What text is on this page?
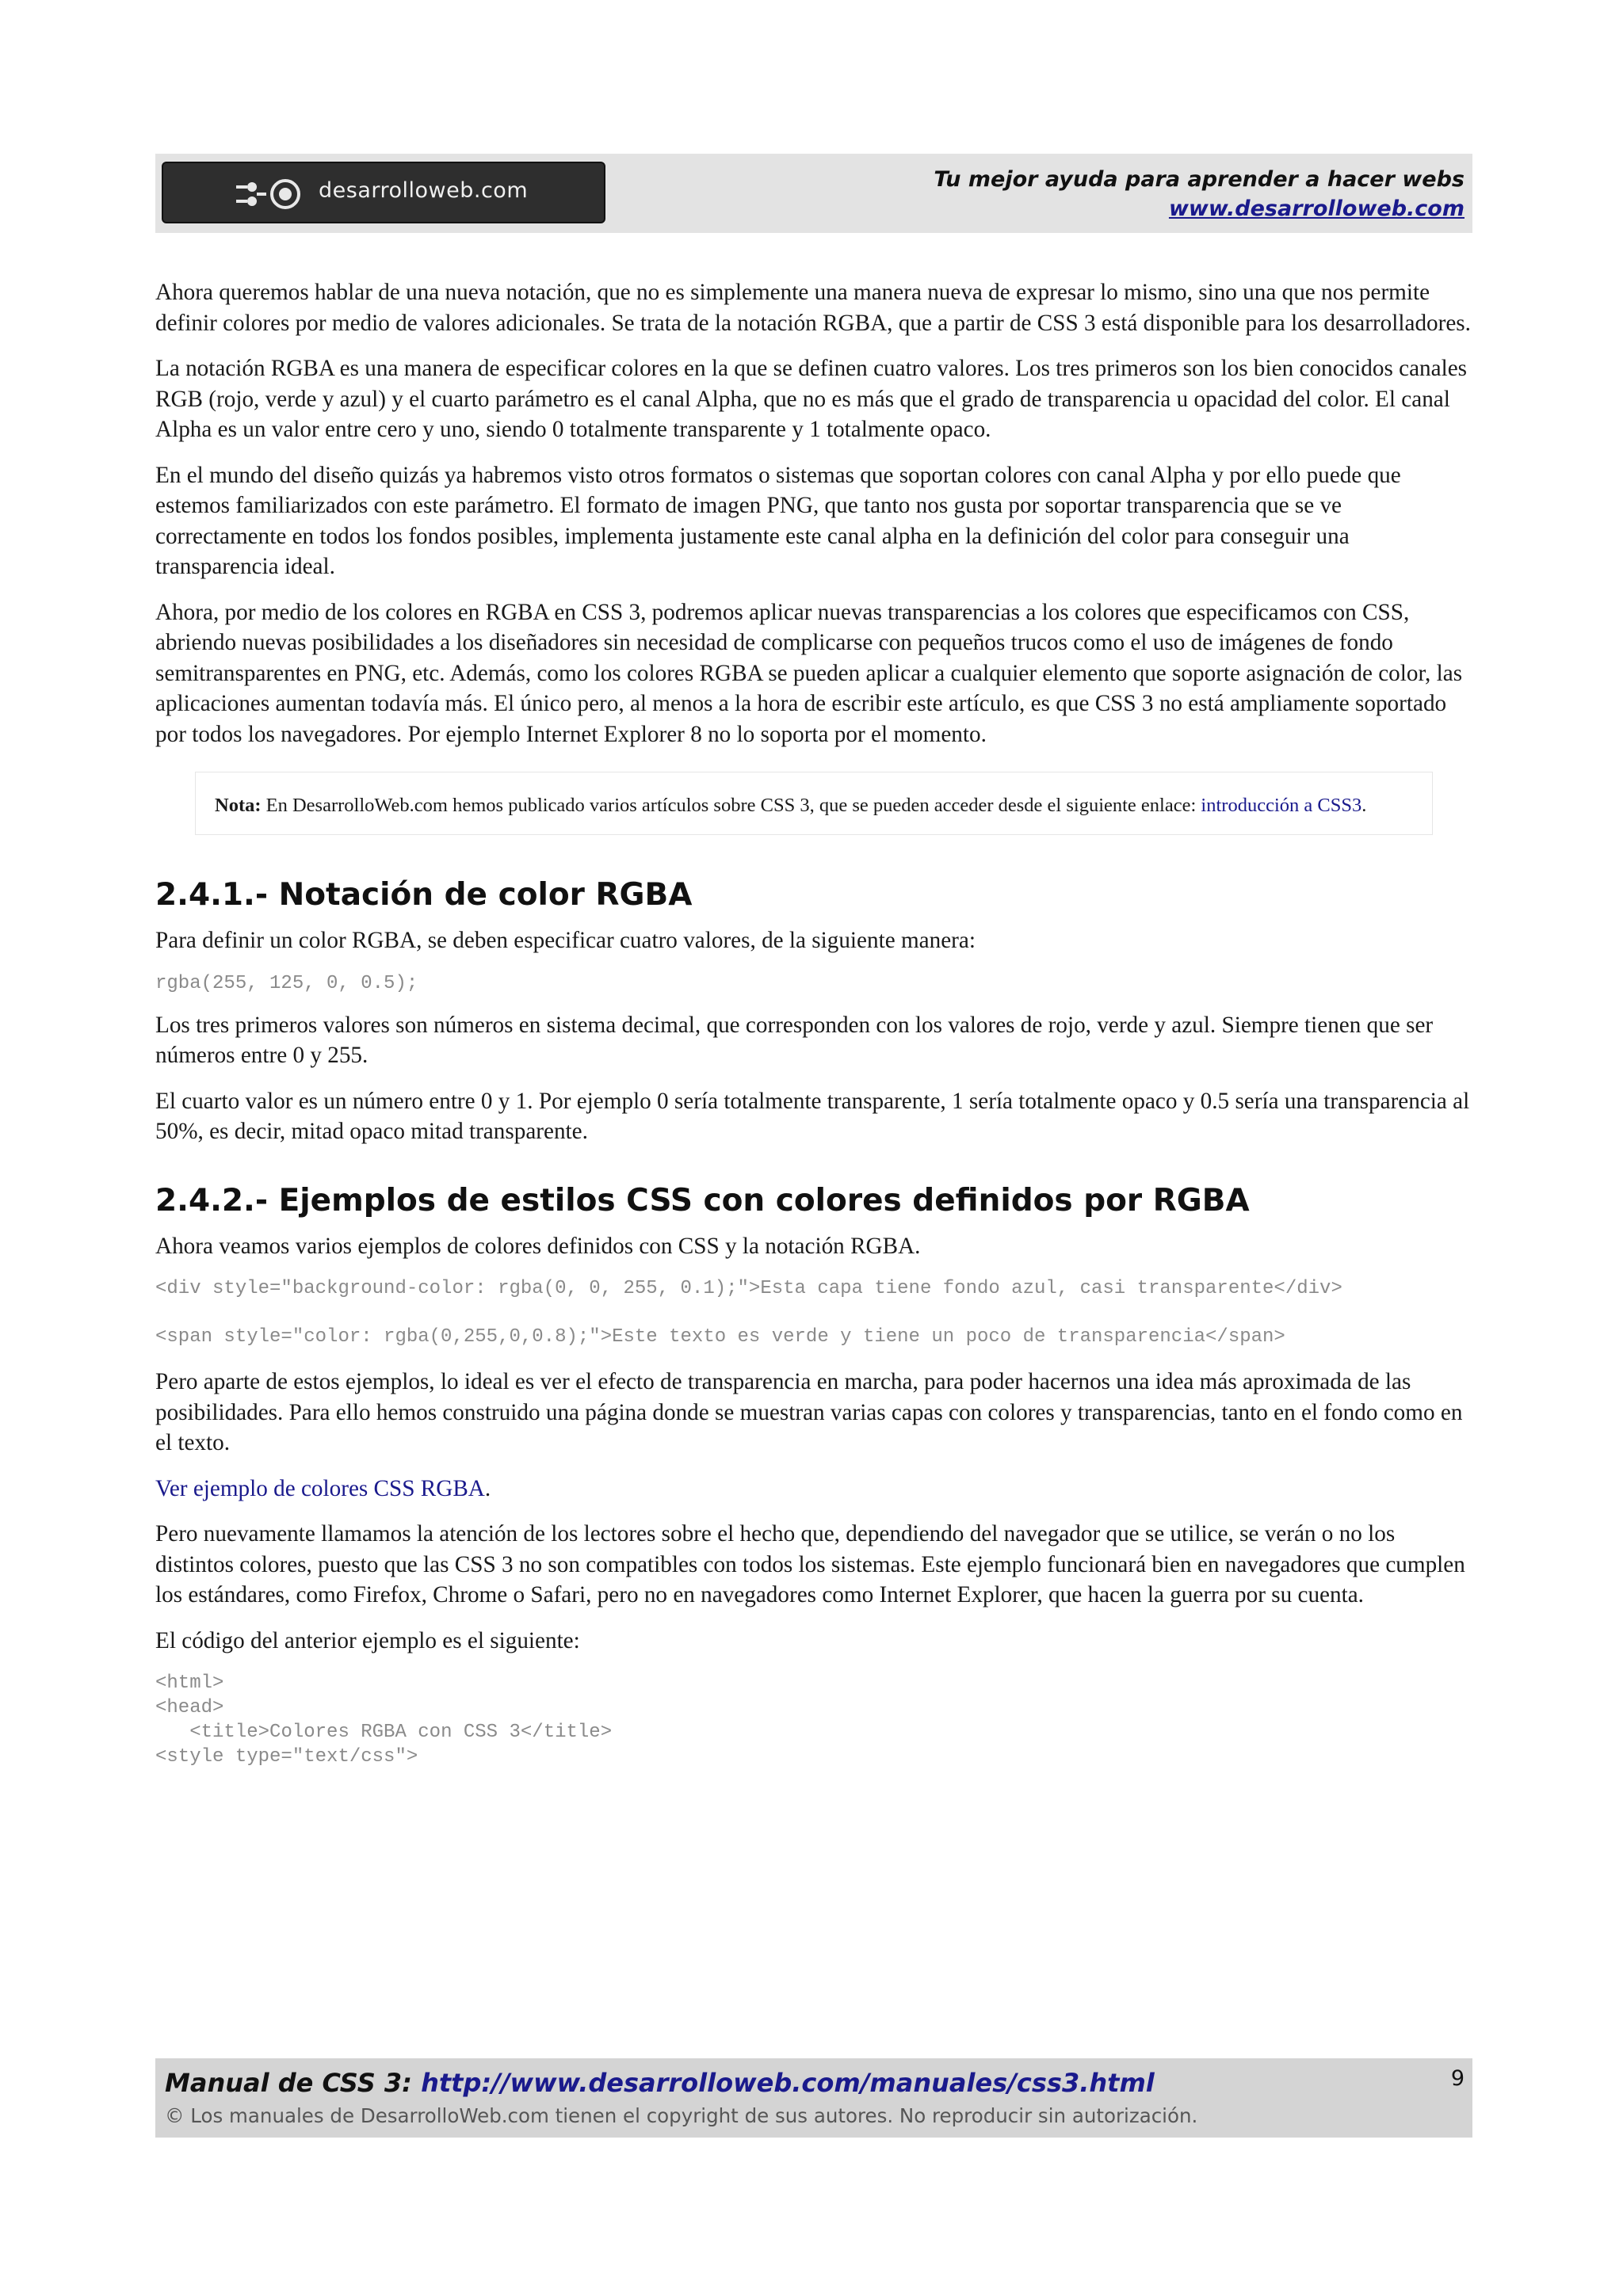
desarrolloweb.com	Tu mejor ayuda para aprender a hacer webs
www.desarrolloweb.com

Ahora queremos hablar de una nueva notación, que no es simplemente una manera nueva de expresar lo mismo, sino una que nos permite definir colores por medio de valores adicionales. Se trata de la notación RGBA, que a partir de CSS 3 está disponible para los desarrolladores.

La notación RGBA es una manera de especificar colores en la que se definen cuatro valores. Los tres primeros son los bien conocidos canales RGB (rojo, verde y azul) y el cuarto parámetro es el canal Alpha, que no es más que el grado de transparencia u opacidad del color. El canal Alpha es un valor entre cero y uno, siendo 0 totalmente transparente y 1 totalmente opaco.

En el mundo del diseño quizás ya habremos visto otros formatos o sistemas que soportan colores con canal Alpha y por ello puede que estemos familiarizados con este parámetro. El formato de imagen PNG, que tanto nos gusta por soportar transparencia que se ve correctamente en todos los fondos posibles, implementa justamente este canal alpha en la definición del color para conseguir una transparencia ideal.

Ahora, por medio de los colores en RGBA en CSS 3, podremos aplicar nuevas transparencias a los colores que especificamos con CSS, abriendo nuevas posibilidades a los diseñadores sin necesidad de complicarse con pequeños trucos como el uso de imágenes de fondo semitransparentes en PNG, etc. Además, como los colores RGBA se pueden aplicar a cualquier elemento que soporte asignación de color, las aplicaciones aumentan todavía más. El único pero, al menos a la hora de escribir este artículo, es que CSS 3 no está ampliamente soportado por todos los navegadores. Por ejemplo Internet Explorer 8 no lo soporta por el momento.

Nota: En DesarrolloWeb.com hemos publicado varios artículos sobre CSS 3, que se pueden acceder desde el siguiente enlace: introducción a CSS3.
2.4.1.- Notación de color RGBA

Para definir un color RGBA, se deben especificar cuatro valores, de la siguiente manera:

rgba(255, 125, 0, 0.5);

Los tres primeros valores son números en sistema decimal, que corresponden con los valores de rojo, verde y azul. Siempre tienen que ser números entre 0 y 255.

El cuarto valor es un número entre 0 y 1. Por ejemplo 0 sería totalmente transparente, 1 sería totalmente opaco y 0.5 sería una transparencia al 50%, es decir, mitad opaco mitad transparente.

2.4.2.- Ejemplos de estilos CSS con colores definidos por RGBA

Ahora veamos varios ejemplos de colores definidos con CSS y la notación RGBA.

<div style="background-color: rgba(0, 0, 255, 0.1);">Esta capa tiene fondo azul, casi transparente</div>
<span style="color: rgba(0,255,0,0.8);">Este texto es verde y tiene un poco de transparencia</span>

Pero aparte de estos ejemplos, lo ideal es ver el efecto de transparencia en marcha, para poder hacernos una idea más aproximada de las posibilidades. Para ello hemos construido una página donde se muestran varias capas con colores y transparencias, tanto en el fondo como en el texto.

Ver ejemplo de colores CSS RGBA.

Pero nuevamente llamamos la atención de los lectores sobre el hecho que, dependiendo del navegador que se utilice, se verán o no los distintos colores, puesto que las CSS 3 no son compatibles con todos los sistemas. Este ejemplo funcionará bien en navegadores que cumplen los estándares, como Firefox, Chrome o Safari, pero no en navegadores como Internet Explorer, que hacen la guerra por su cuenta.

El código del anterior ejemplo es el siguiente:

<html>
<head>
<title>Colores RGBA con CSS 3</title>
<style type="text/css">
Manual de CSS 3: http://www.desarrolloweb.com/manuales/css3.html
© Los manuales de DesarrolloWeb.com tienen el copyright de sus autores. No reproducir sin autorización.
9
